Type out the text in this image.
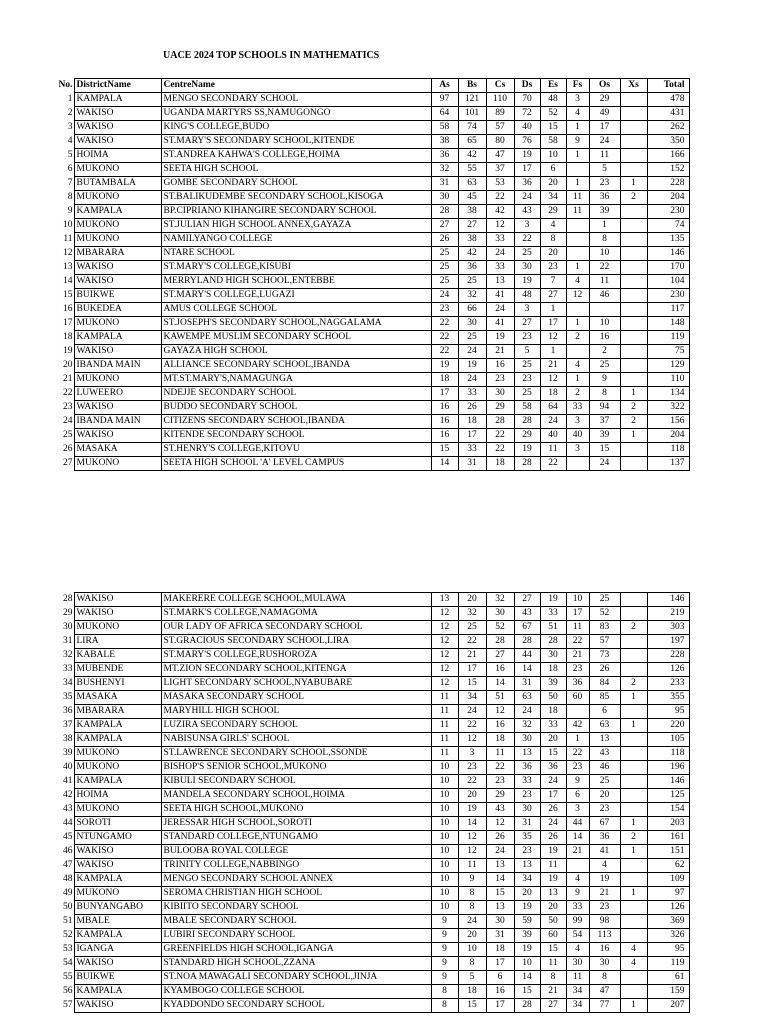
UACE 2024 TOP SCHOOLS IN MATHEMATICS
No.	DistrictName	CentreName	As	Bs	Cs	Ds	Es	Fs	Os	Xs	Total
1	KAMPALA	MENGO SECONDARY SCHOOL	97	121	110	70	48	3	29		478
2	WAKISO	UGANDA MARTYRS SS,NAMUGONGO	64	101	89	72	52	4	49		431
3	WAKISO	KING'S COLLEGE,BUDO	58	74	57	40	15	1	17		262
4	WAKISO	ST.MARY'S SECONDARY SCHOOL,KITENDE	38	65	80	76	58	9	24		350
5	HOIMA	ST.ANDREA KAHWA'S COLLEGE,HOIMA	36	42	47	19	10	1	11		166
6	MUKONO	SEETA HIGH SCHOOL	32	55	37	17	6		5		152
7	BUTAMBALA	GOMBE SECONDARY SCHOOL	31	63	53	36	20	1	23	1	228
8	MUKONO	ST.BALIKUDEMBE SECONDARY SCHOOL,KISOGA	30	45	22	24	34	11	36	2	204
9	KAMPALA	BP.CIPRIANO KIHANGIRE SECONDARY SCHOOL	28	38	42	43	29	11	39		230
10	MUKONO	ST.JULIAN HIGH SCHOOL ANNEX,GAYAZA	27	27	12	3	4		1		74
11	MUKONO	NAMILYANGO COLLEGE	26	38	33	22	8		8		135
12	MBARARA	NTARE SCHOOL	25	42	24	25	20		10		146
13	WAKISO	ST.MARY'S COLLEGE,KISUBI	25	36	33	30	23	1	22		170
14	WAKISO	MERRYLAND HIGH SCHOOL,ENTEBBE	25	25	13	19	7	4	11		104
15	BUIKWE	ST.MARY'S COLLEGE,LUGAZI	24	32	41	48	27	12	46		230
16	BUKEDEA	AMUS COLLEGE SCHOOL	23	66	24	3	1				117
17	MUKONO	ST.JOSEPH'S SECONDARY SCHOOL,NAGGALAMA	22	30	41	27	17	1	10		148
18	KAMPALA	KAWEMPE MUSLIM SECONDARY SCHOOL	22	25	19	23	12	2	16		119
19	WAKISO	GAYAZA HIGH SCHOOL	22	24	21	5	1		2		75
20	IBANDA MAIN	ALLIANCE SECONDARY SCHOOL,IBANDA	19	19	16	25	21	4	25		129
21	MUKONO	MT.ST.MARY'S,NAMAGUNGA	18	24	23	23	12	1	9		110
22	LUWEERO	NDEJJE SECONDARY SCHOOL	17	33	30	25	18	2	8	1	134
23	WAKISO	BUDDO SECONDARY SCHOOL	16	26	29	58	64	33	94	2	322
24	IBANDA MAIN	CITIZENS SECONDARY SCHOOL,IBANDA	16	18	28	28	24	3	37	2	156
25	WAKISO	KITENDE SECONDARY SCHOOL	16	17	22	29	40	40	39	1	204
26	MASAKA	ST.HENRY'S COLLEGE,KITOVU	15	33	22	19	11	3	15		118
27	MUKONO	SEETA HIGH SCHOOL 'A' LEVEL CAMPUS	14	31	18	28	22		24		137
28	WAKISO	MAKERERE COLLEGE SCHOOL,MULAWA	13	20	32	27	19	10	25		146
29	WAKISO	ST.MARK'S COLLEGE,NAMAGOMA	12	32	30	43	33	17	52		219
30	MUKONO	OUR LADY OF AFRICA SECONDARY SCHOOL	12	25	52	67	51	11	83	2	303
31	LIRA	ST.GRACIOUS SECONDARY SCHOOL,LIRA	12	22	28	28	28	22	57		197
32	KABALE	ST.MARY'S COLLEGE,RUSHOROZA	12	21	27	44	30	21	73		228
33	MUBENDE	MT.ZION SECONDARY SCHOOL,KITENGA	12	17	16	14	18	23	26		126
34	BUSHENYI	LIGHT SECONDARY SCHOOL,NYABUBARE	12	15	14	31	39	36	84	2	233
35	MASAKA	MASAKA SECONDARY SCHOOL	11	34	51	63	50	60	85	1	355
36	MBARARA	MARYHILL HIGH SCHOOL	11	24	12	24	18		6		95
37	KAMPALA	LUZIRA SECONDARY SCHOOL	11	22	16	32	33	42	63	1	220
38	KAMPALA	NABISUNSA GIRLS' SCHOOL	11	12	18	30	20	1	13		105
39	MUKONO	ST.LAWRENCE SECONDARY SCHOOL,SSONDE	11	3	11	13	15	22	43		118
40	MUKONO	BISHOP'S SENIOR SCHOOL,MUKONO	10	23	22	36	36	23	46		196
41	KAMPALA	KIBULI SECONDARY SCHOOL	10	22	23	33	24	9	25		146
42	HOIMA	MANDELA SECONDARY SCHOOL,HOIMA	10	20	29	23	17	6	20		125
43	MUKONO	SEETA HIGH SCHOOL,MUKONO	10	19	43	30	26	3	23		154
44	SOROTI	JERESSAR HIGH SCHOOL,SOROTI	10	14	12	31	24	44	67	1	203
45	NTUNGAMO	STANDARD COLLEGE,NTUNGAMO	10	12	26	35	26	14	36	2	161
46	WAKISO	BULOOBA ROYAL COLLEGE	10	12	24	23	19	21	41	1	151
47	WAKISO	TRINITY COLLEGE,NABBINGO	10	11	13	13	11		4		62
48	KAMPALA	MENGO SECONDARY SCHOOL ANNEX	10	9	14	34	19	4	19		109
49	MUKONO	SEROMA CHRISTIAN HIGH SCHOOL	10	8	15	20	13	9	21	1	97
50	BUNYANGABO	KIBIITO SECONDARY SCHOOL	10	8	13	19	20	33	23		126
51	MBALE	MBALE SECONDARY SCHOOL	9	24	30	59	50	99	98		369
52	KAMPALA	LUBIRI SECONDARY SCHOOL	9	20	31	39	60	54	113		326
53	IGANGA	GREENFIELDS HIGH SCHOOL,IGANGA	9	10	18	19	15	4	16	4	95
54	WAKISO	STANDARD HIGH SCHOOL,ZZANA	9	8	17	10	11	30	30	4	119
55	BUIKWE	ST.NOA MAWAGALI SECONDARY SCHOOL,JINJA	9	5	6	14	8	11	8		61
56	KAMPALA	KYAMBOGO COLLEGE SCHOOL	8	18	16	15	21	34	47		159
57	WAKISO	KYADDONDO SECONDARY SCHOOL	8	15	17	28	27	34	77	1	207
